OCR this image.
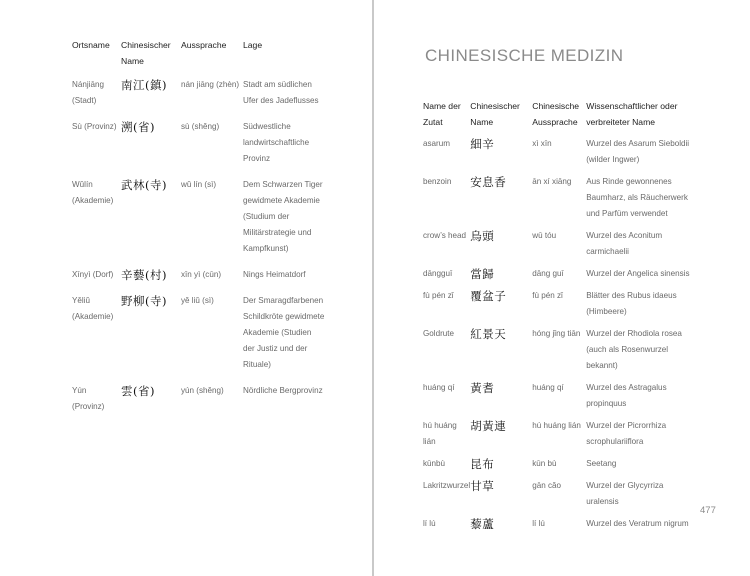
Ortsname	Chinesischer Name	Aussprache	Lage
Nánjiāng (Stadt)	南江(鎮)	nán jiāng (zhèn)	Stadt am südlichen Ufer des Jadeflusses
Sù (Provinz)	溯(省)	sù (shěng)	Südwestliche landwirtschaftliche Provinz
Wǔlín (Akademie)	武林(寺)	wǔ lín (sì)	Dem Schwarzen Tiger gewidmete Akademie (Studium der Militärstrategie und Kampfkunst)
Xīnyì (Dorf)	辛藝(村)	xīn yì (cūn)	Nings Heimatdorf
Yěliǔ (Akademie)	野柳(寺)	yě liǔ (sì)	Der Smaragdfarbenen Schildkröte gewidmete Akademie (Studien der Justiz und der Rituale)
Yún (Provinz)	雲(省)	yún (shěng)	Nördliche Bergprovinz
CHINESISCHE MEDIZIN
Name der Zutat	Chinesischer Name	Chinesische Aussprache	Wissenschaftlicher oder verbreiteter Name
asarum	細辛	xì xīn	Wurzel des Asarum Sieboldii (wilder Ingwer)
benzoin	安息香	ān xí xiāng	Aus Rinde gewonnenes Baumharz, als Räucherwerk und Parfüm verwendet
crow’s head	烏頭	wū tóu	Wurzel des Aconitum carmichaelii
dāngguī	當歸	dāng guī	Wurzel der Angelica sinensis
fù pén zǐ	覆盆子	fù pén zǐ	Blätter des Rubus idaeus (Himbeere)
Goldrute	紅景天	hóng jǐng tiān	Wurzel der Rhodiola rosea (auch als Rosenwurzel bekannt)
huáng qí	黃耆	huáng qí	Wurzel des Astragalus propinquus
hú huáng lián	胡黃連	hú huáng lián	Wurzel der Picrorrhiza scrophulariiflora
kūnbù	昆布	kūn bù	Seetang
Lakritzwurzel	甘草	gān cǎo	Wurzel der Glycyrriza uralensis
lí lú	藜蘆	lí lú	Wurzel des Veratrum nigrum
477
